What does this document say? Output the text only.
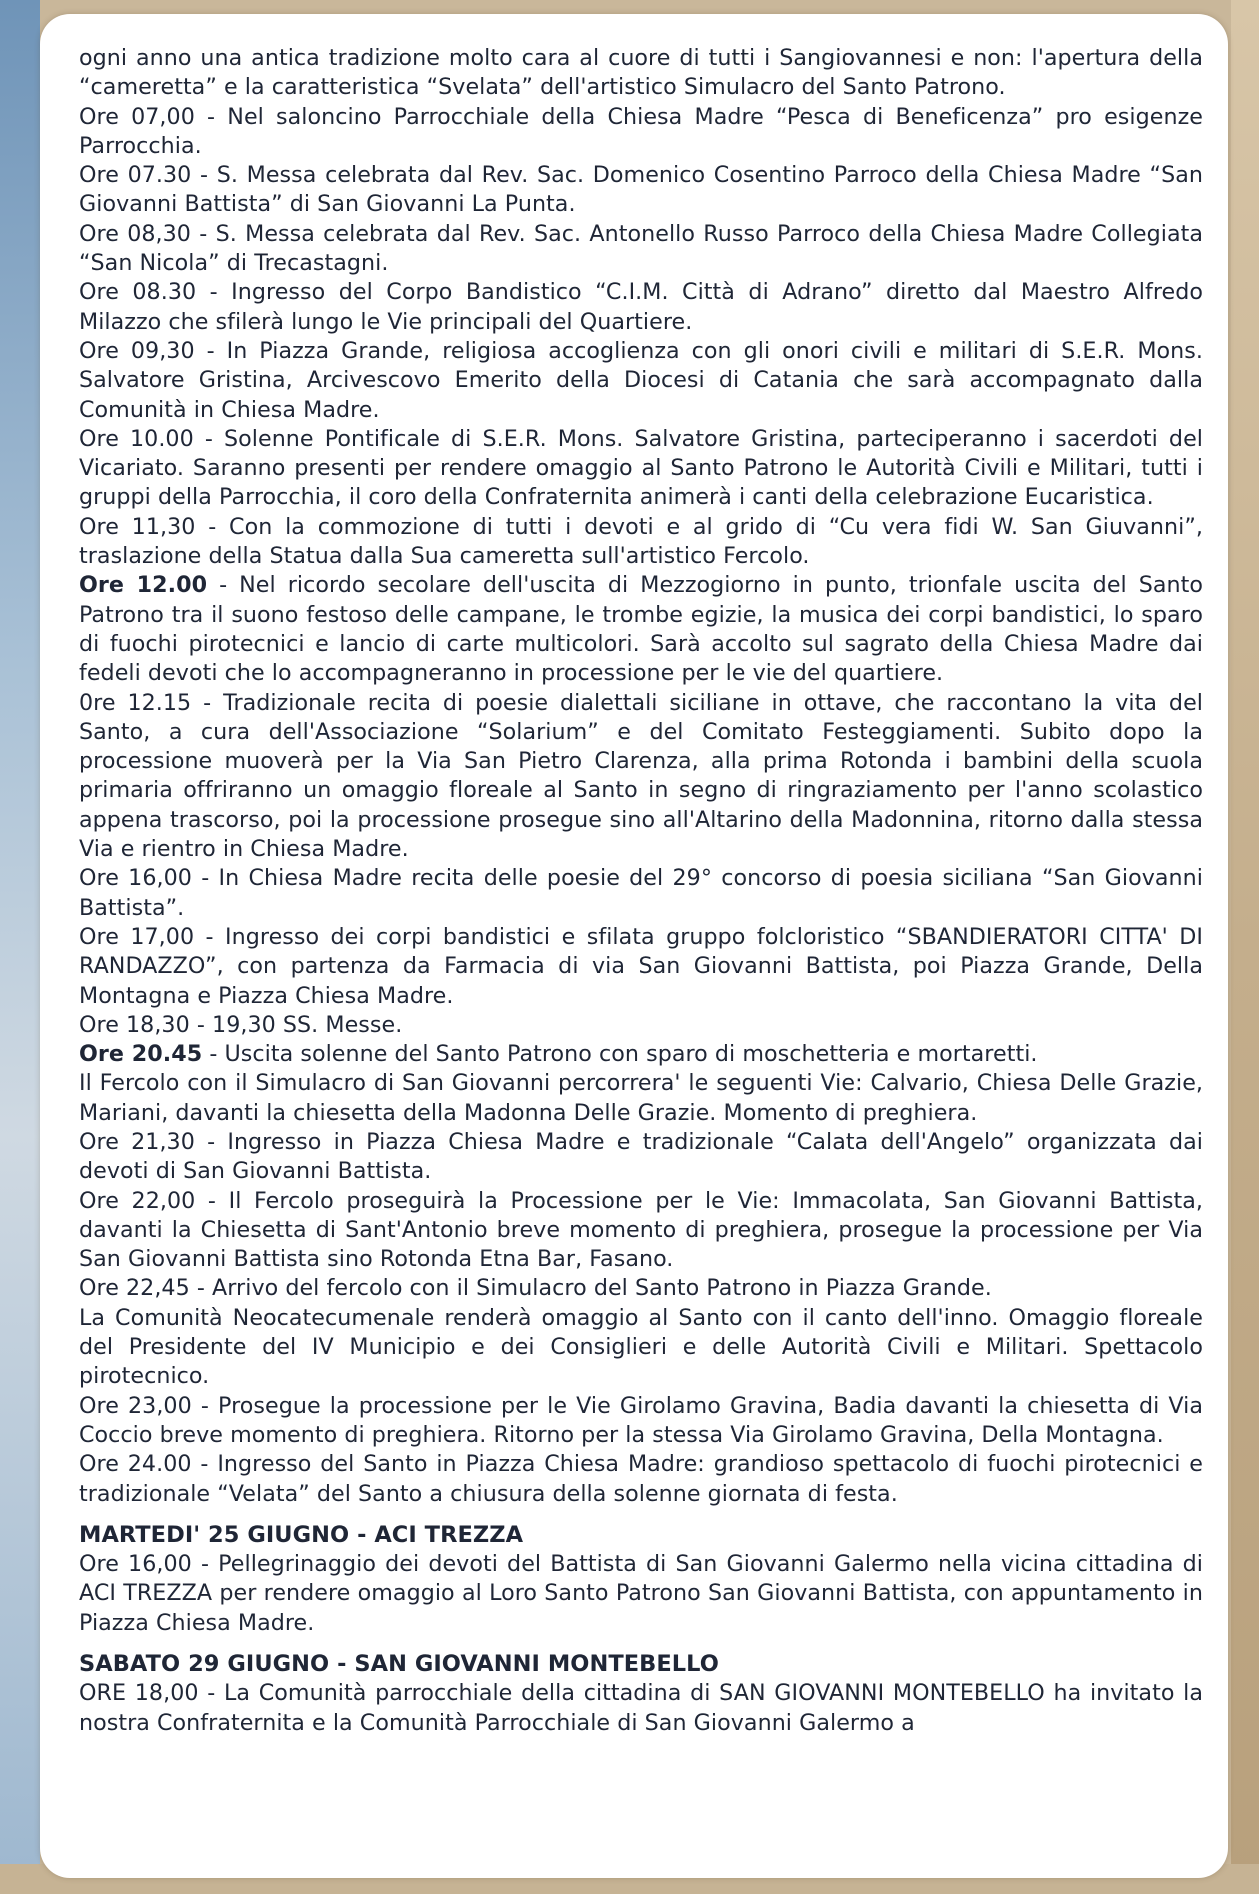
ogni anno una antica tradizione molto cara al cuore di tutti i Sangiovannesi e non: l'apertura della “cameretta” e la caratteristica “Svelata” dell'artistico Simulacro del Santo Patrono.

Ore 07,00 - Nel saloncino Parrocchiale della Chiesa Madre “Pesca di Beneficenza” pro esigenze Parrocchia.

Ore 07.30 - S. Messa celebrata dal Rev. Sac. Domenico Cosentino Parroco della Chiesa Madre “San Giovanni Battista” di San Giovanni La Punta.

Ore 08,30 - S. Messa celebrata dal Rev. Sac. Antonello Russo Parroco della Chiesa Madre Collegiata “San Nicola” di Trecastagni.

Ore 08.30 - Ingresso del Corpo Bandistico “C.I.M. Città di Adrano” diretto dal Maestro Alfredo Milazzo che sfilerà lungo le Vie principali del Quartiere.

Ore 09,30 - In Piazza Grande, religiosa accoglienza con gli onori civili e militari di S.E.R. Mons. Salvatore Gristina, Arcivescovo Emerito della Diocesi di Catania che sarà accompagnato dalla Comunità in Chiesa Madre.

Ore 10.00 - Solenne Pontificale di S.E.R. Mons. Salvatore Gristina, parteciperanno i sacerdoti del Vicariato. Saranno presenti per rendere omaggio al Santo Patrono le Autorità Civili e Militari, tutti i gruppi della Parrocchia, il coro della Confraternita animerà i canti della celebrazione Eucaristica.

Ore 11,30 - Con la commozione di tutti i devoti e al grido di “Cu vera fidi W. San Giuvanni”, traslazione della Statua dalla Sua cameretta sull'artistico Fercolo.

Ore 12.00 - Nel ricordo secolare dell'uscita di Mezzogiorno in punto, trionfale uscita del Santo Patrono tra il suono festoso delle campane, le trombe egizie, la musica dei corpi bandistici, lo sparo di fuochi pirotecnici e lancio di carte multicolori. Sarà accolto sul sagrato della Chiesa Madre dai fedeli devoti che lo accompagneranno in processione per le vie del quartiere.

0re 12.15 - Tradizionale recita di poesie dialettali siciliane in ottave, che raccontano la vita del Santo, a cura dell'Associazione “Solarium” e del Comitato Festeggiamenti. Subito dopo la processione muoverà per la Via San Pietro Clarenza, alla prima Rotonda i bambini della scuola primaria offriranno un omaggio floreale al Santo in segno di ringraziamento per l'anno scolastico appena trascorso, poi la processione prosegue sino all'Altarino della Madonnina, ritorno dalla stessa Via e rientro in Chiesa Madre.

Ore 16,00 - In Chiesa Madre recita delle poesie del 29° concorso di poesia siciliana “San Giovanni Battista”.

Ore 17,00 - Ingresso dei corpi bandistici e sfilata gruppo folcloristico “SBANDIERATORI CITTA' DI RANDAZZO”, con partenza da Farmacia di via San Giovanni Battista, poi Piazza Grande, Della Montagna e Piazza Chiesa Madre.

Ore 18,30 - 19,30 SS. Messe.

Ore 20.45 - Uscita solenne del Santo Patrono con sparo di moschetteria e mortaretti.

Il Fercolo con il Simulacro di San Giovanni percorrera' le seguenti Vie: Calvario, Chiesa Delle Grazie, Mariani, davanti la chiesetta della Madonna Delle Grazie. Momento di preghiera.

Ore 21,30 - Ingresso in Piazza Chiesa Madre e tradizionale “Calata dell'Angelo” organizzata dai devoti di San Giovanni Battista.

Ore 22,00 - Il Fercolo proseguirà la Processione per le Vie: Immacolata, San Giovanni Battista, davanti la Chiesetta di Sant'Antonio breve momento di preghiera, prosegue la processione per Via San Giovanni Battista sino Rotonda Etna Bar, Fasano.

Ore 22,45 - Arrivo del fercolo con il Simulacro del Santo Patrono in Piazza Grande.

La Comunità Neocatecumenale renderà omaggio al Santo con il canto dell'inno. Omaggio floreale del Presidente del IV Municipio e dei Consiglieri e delle Autorità Civili e Militari. Spettacolo pirotecnico.

Ore 23,00 - Prosegue la processione per le Vie Girolamo Gravina, Badia davanti la chiesetta di Via Coccio breve momento di preghiera. Ritorno per la stessa Via Girolamo Gravina, Della Montagna.

Ore 24.00 - Ingresso del Santo in Piazza Chiesa Madre: grandioso spettacolo di fuochi pirotecnici e tradizionale “Velata” del Santo a chiusura della solenne giornata di festa.

MARTEDI' 25 GIUGNO - ACI TREZZA

Ore 16,00 - Pellegrinaggio dei devoti del Battista di San Giovanni Galermo nella vicina cittadina di ACI TREZZA per rendere omaggio al Loro Santo Patrono San Giovanni Battista, con appuntamento in Piazza Chiesa Madre.

SABATO 29 GIUGNO - SAN GIOVANNI MONTEBELLO

ORE 18,00 - La Comunità parrocchiale della cittadina di SAN GIOVANNI MONTEBELLO ha invitato la nostra Confraternita e la Comunità Parrocchiale di San Giovanni Galermo a
